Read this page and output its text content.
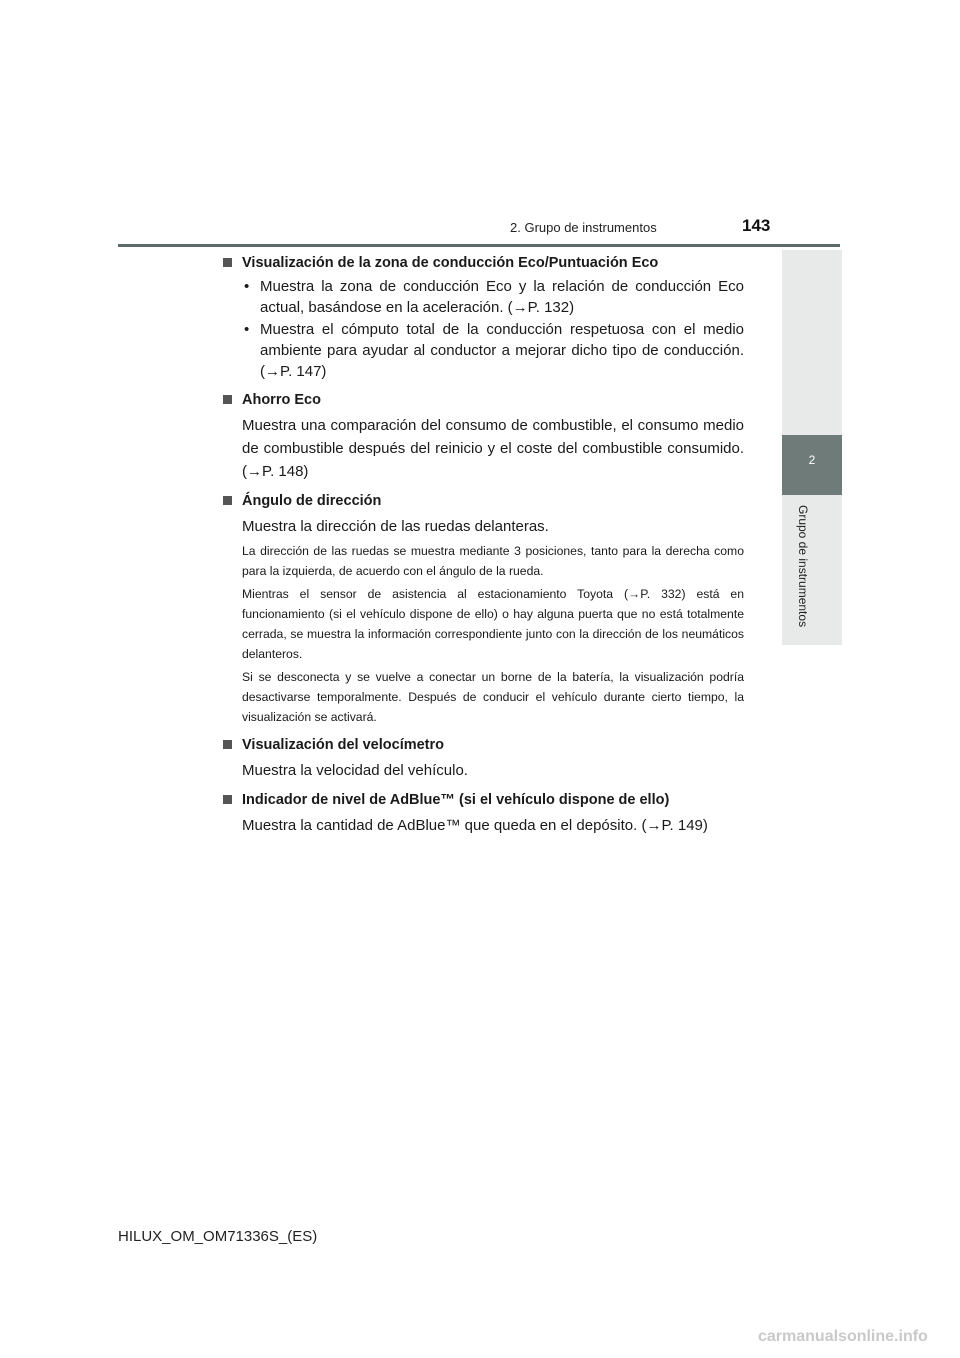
2. Grupo de instrumentos	143
2
Grupo de instrumentos
Visualización de la zona de conducción Eco/Puntuación Eco
• Muestra la zona de conducción Eco y la relación de conducción Eco actual, basándose en la aceleración. (→P. 132)
• Muestra el cómputo total de la conducción respetuosa con el medio ambiente para ayudar al conductor a mejorar dicho tipo de conducción. (→P. 147)
Ahorro Eco
Muestra una comparación del consumo de combustible, el consumo medio de combustible después del reinicio y el coste del combustible consumido. (→P. 148)
Ángulo de dirección
Muestra la dirección de las ruedas delanteras.
La dirección de las ruedas se muestra mediante 3 posiciones, tanto para la derecha como para la izquierda, de acuerdo con el ángulo de la rueda.
Mientras el sensor de asistencia al estacionamiento Toyota (→P. 332) está en funcionamiento (si el vehículo dispone de ello) o hay alguna puerta que no está totalmente cerrada, se muestra la información correspondiente junto con la dirección de los neumáticos delanteros.
Si se desconecta y se vuelve a conectar un borne de la batería, la visualización podría desactivarse temporalmente. Después de conducir el vehículo durante cierto tiempo, la visualización se activará.
Visualización del velocímetro
Muestra la velocidad del vehículo.
Indicador de nivel de AdBlue™ (si el vehículo dispone de ello)
Muestra la cantidad de AdBlue™ que queda en el depósito. (→P. 149)
HILUX_OM_OM71336S_(ES)
carmanualsonline.info
